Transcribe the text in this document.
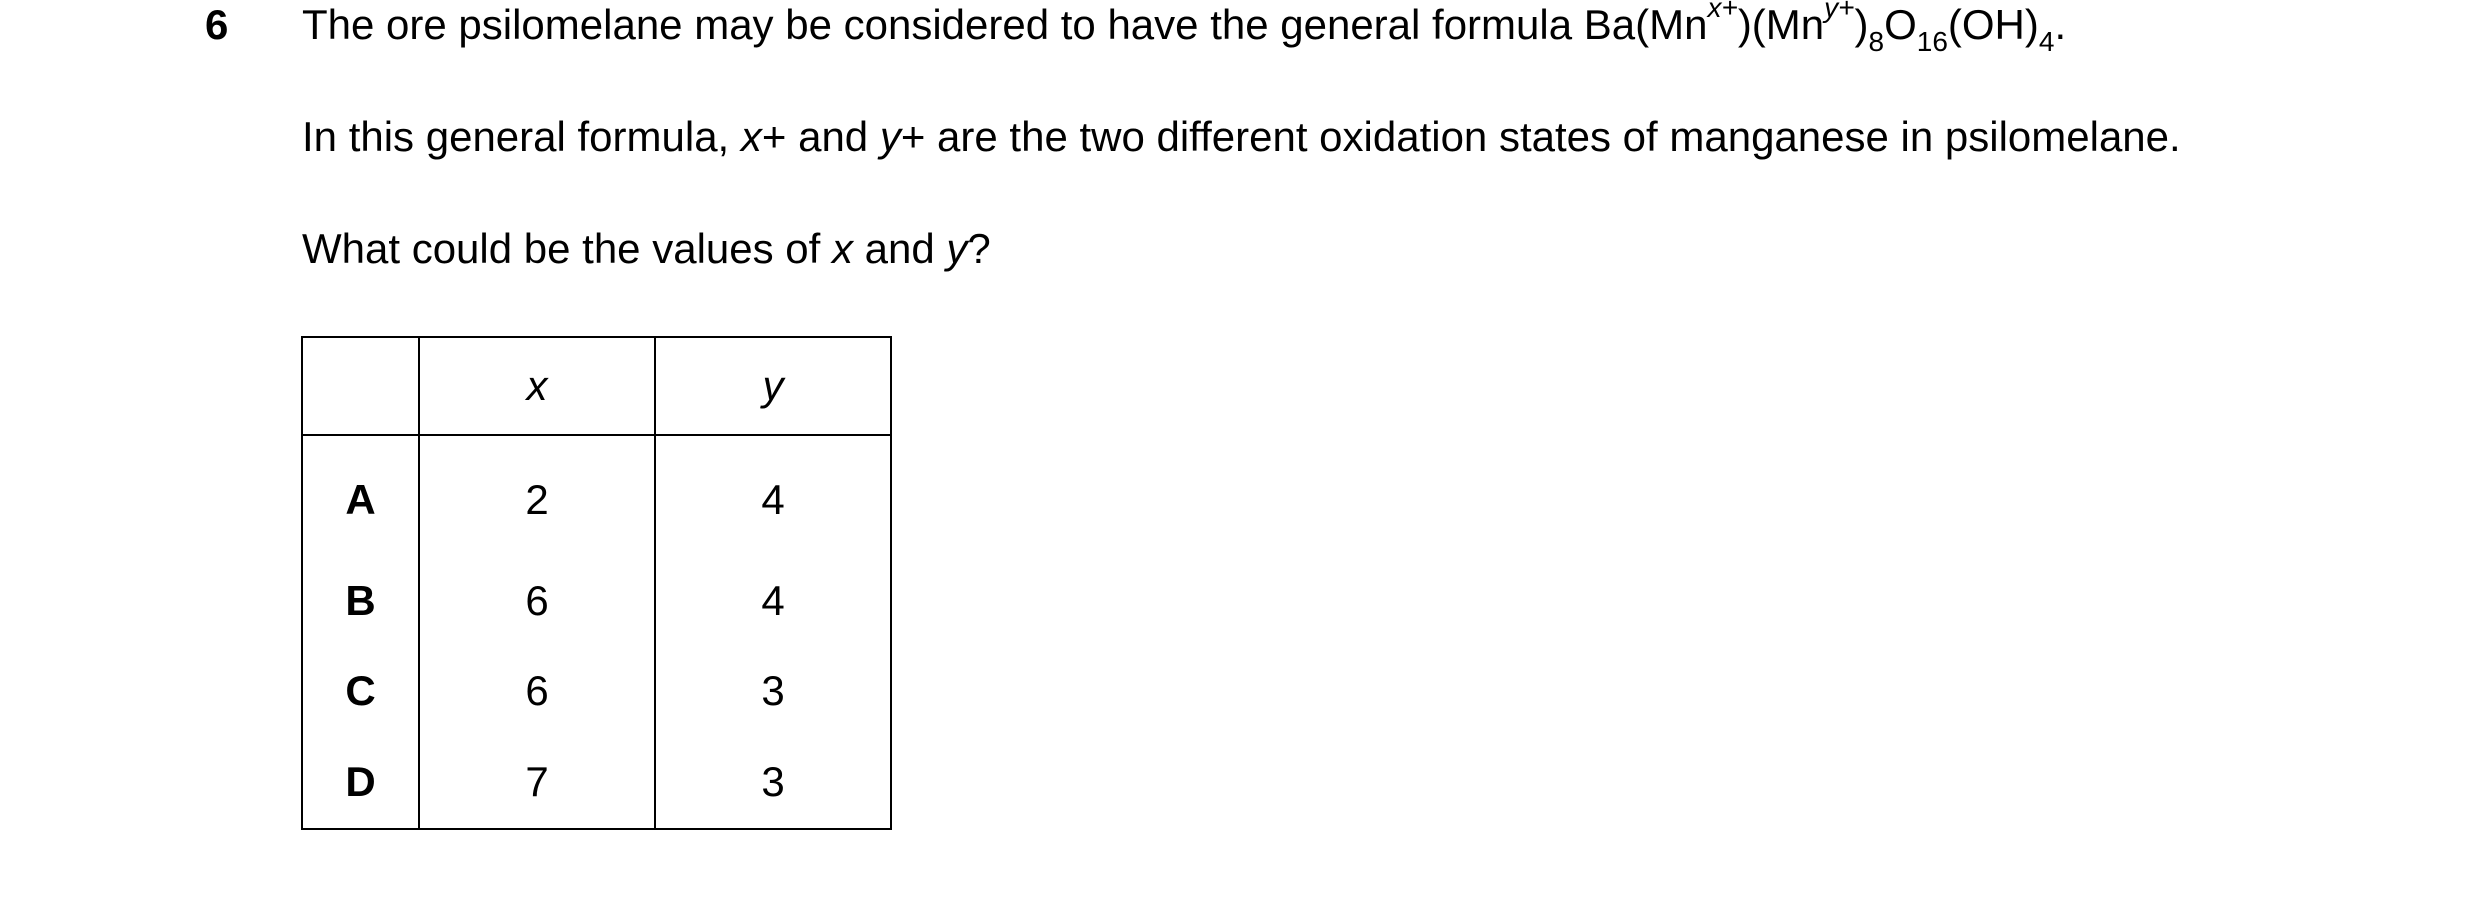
6 The ore psilomelane may be considered to have the general formula $Ba(Mn^{x+})(Mn^{y+})_8O_{16}(OH)_4$.
In this general formula, x+ and y+ are the two different oxidation states of manganese in psilomelane.
What could be the values of x and y?
	x	y
A	2	4
B	6	4
C	6	3
D	7	3
